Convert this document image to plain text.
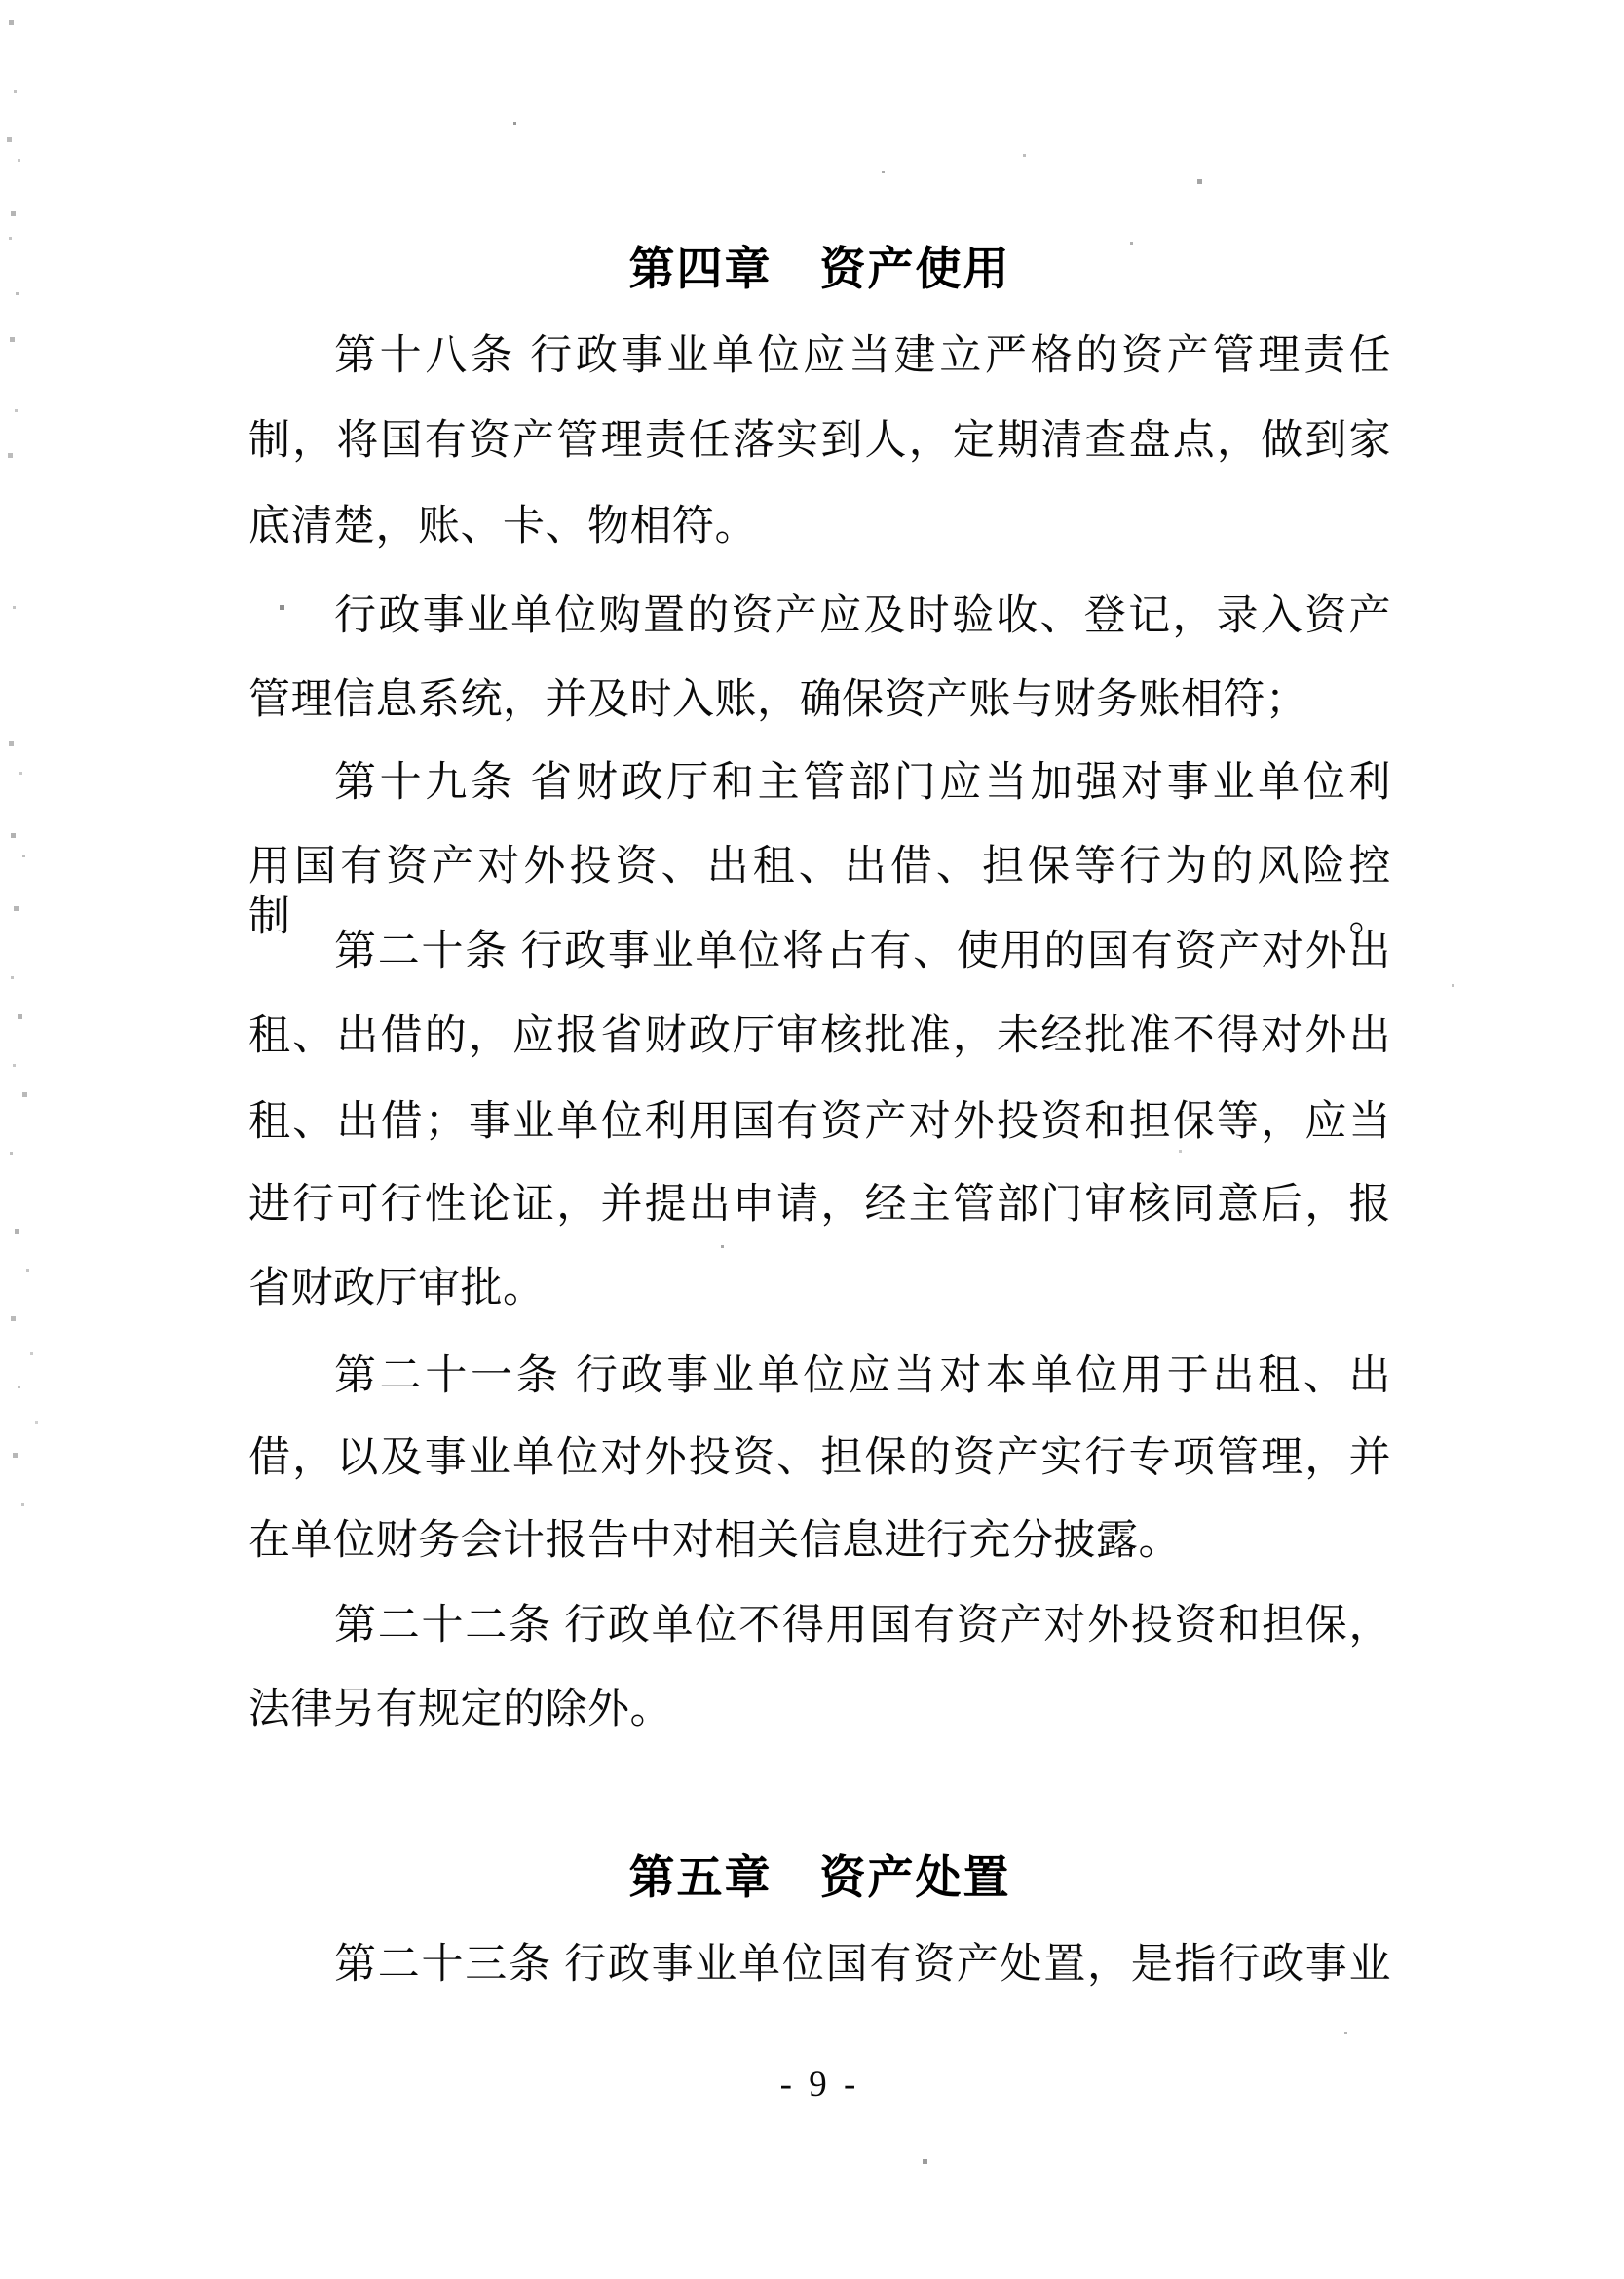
第四章　资产使用
第十八条 行政事业单位应当建立严格的资产管理责任
制，将国有资产管理责任落实到人，定期清查盘点，做到家
底清楚，账、卡、物相符。
行政事业单位购置的资产应及时验收、登记，录入资产
管理信息系统，并及时入账，确保资产账与财务账相符；
第十九条 省财政厅和主管部门应当加强对事业单位利
用国有资产对外投资、出租、出借、担保等行为的风险控制。
第二十条 行政事业单位将占有、使用的国有资产对外出
租、出借的，应报省财政厅审核批准，未经批准不得对外出
租、出借；事业单位利用国有资产对外投资和担保等，应当
进行可行性论证，并提出申请，经主管部门审核同意后，报
省财政厅审批。
第二十一条 行政事业单位应当对本单位用于出租、出
借，以及事业单位对外投资、担保的资产实行专项管理，并
在单位财务会计报告中对相关信息进行充分披露。
第二十二条 行政单位不得用国有资产对外投资和担保，
法律另有规定的除外。
第五章　资产处置
第二十三条 行政事业单位国有资产处置，是指行政事业
- 9 -
